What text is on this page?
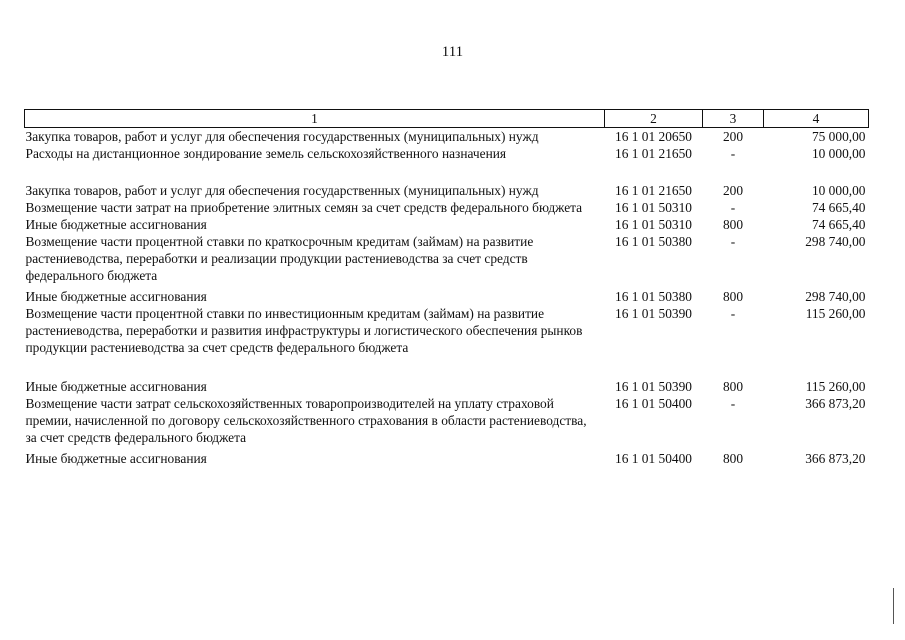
111
1	2	3	4
Закупка товаров, работ и услуг для обеспечения государственных (муниципальных) нужд	16 1 01 20650	200	75 000,00
Расходы на дистанционное зондирование земель сельскохозяйственного назначения	16 1 01 21650	-	10 000,00
Закупка товаров, работ и услуг для обеспечения государственных (муниципальных) нужд	16 1 01 21650	200	10 000,00
Возмещение части затрат на приобретение элитных семян за счет средств федерального бюджета	16 1 01 50310	-	74 665,40
Иные бюджетные ассигнования	16 1 01 50310	800	74 665,40
Возмещение части процентной ставки по краткосрочным кредитам (займам) на развитие растениеводства, переработки и реализации продукции растениеводства за счет средств федерального бюджета	16 1 01 50380	-	298 740,00
Иные бюджетные ассигнования	16 1 01 50380	800	298 740,00
Возмещение части процентной ставки по инвестиционным кредитам (займам) на развитие растениеводства, переработки и развития инфраструктуры и логистического обеспечения рынков продукции растениеводства за счет средств федерального бюджета	16 1 01 50390	-	115 260,00
Иные бюджетные ассигнования	16 1 01 50390	800	115 260,00
Возмещение части затрат сельскохозяйственных товаропроизводителей на уплату страховой премии, начисленной по договору сельскохозяйственного страхования в области растениеводства, за счет средств федерального бюджета	16 1 01 50400	-	366 873,20
Иные бюджетные ассигнования	16 1 01 50400	800	366 873,20
